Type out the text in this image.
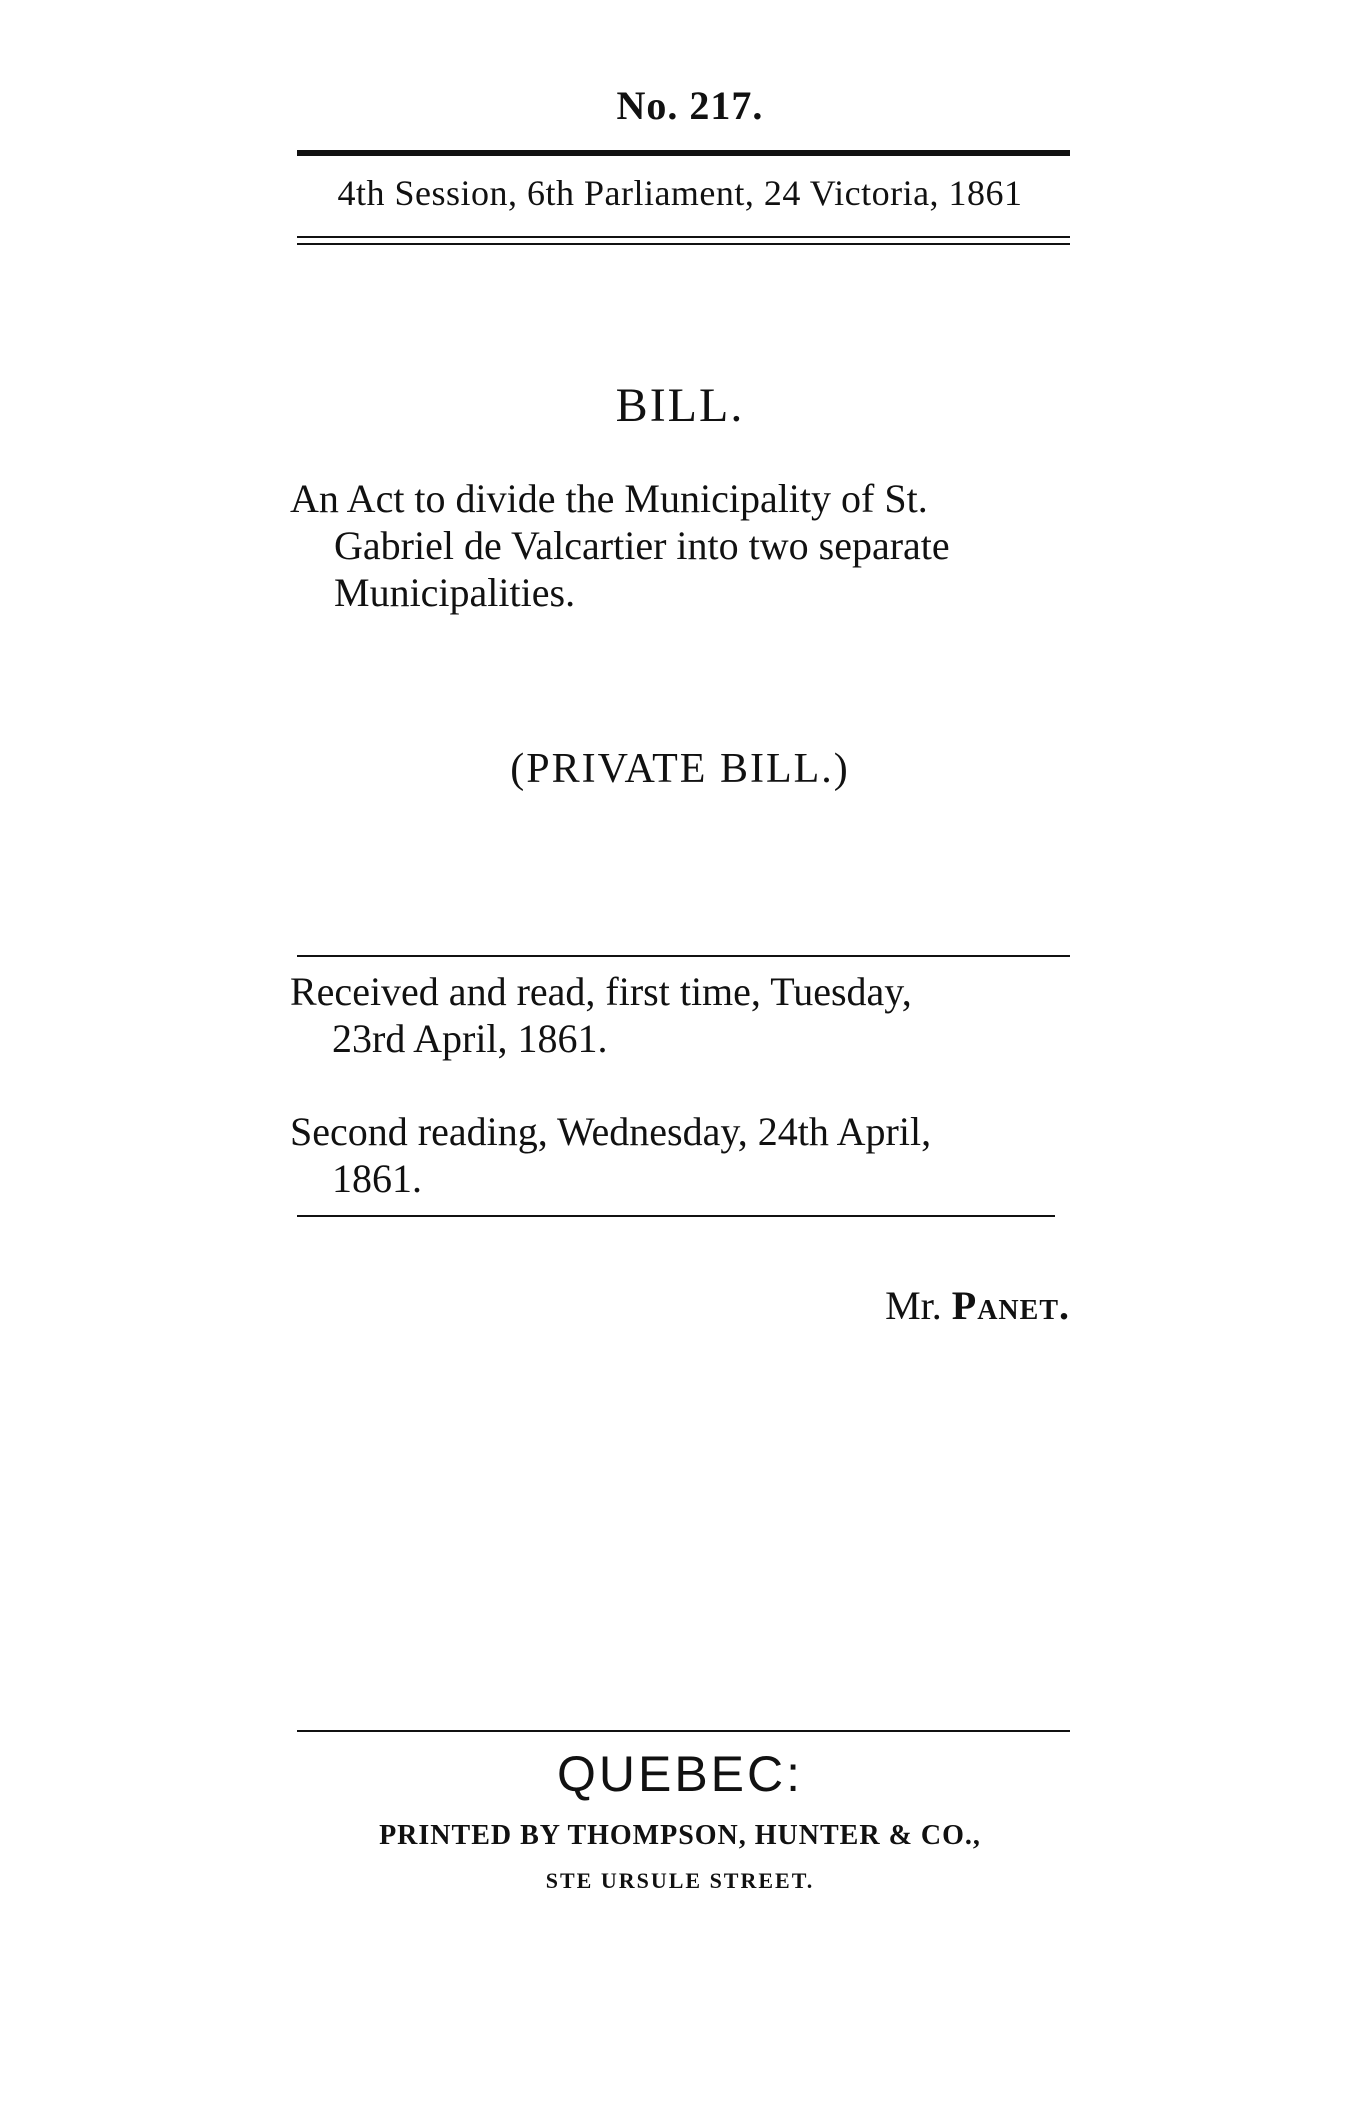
No. 217.
4th Session, 6th Parliament, 24 Victoria, 1861
BILL.
An Act to divide the Municipality of St.
Gabriel de Valcartier into two separate
Municipalities.
(PRIVATE BILL.)
Received and read, first time, Tuesday,
23rd April, 1861.
Second reading, Wednesday, 24th April,
1861.
Mr. Panet.
QUEBEC:
PRINTED BY THOMPSON, HUNTER & CO.,
STE URSULE STREET.
